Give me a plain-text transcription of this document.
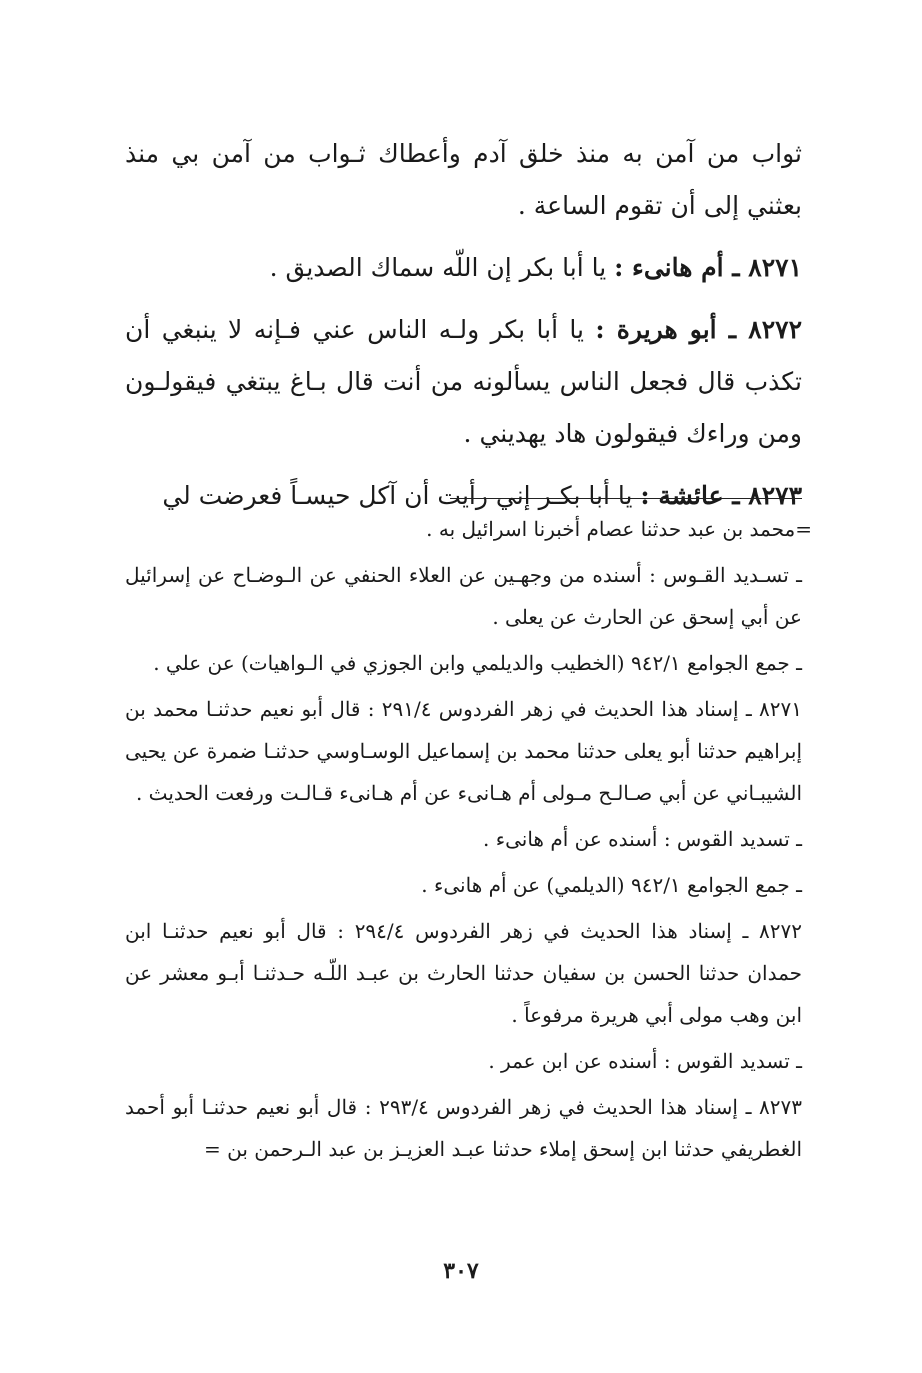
ثواب من آمن به منذ خلق آدم وأعطاك ثـواب من آمن بي منذ بعثني إلى أن تقوم الساعة .

٨٢٧١ ـ أم هانىء : يا أبا بكر إن اللّه سماك الصديق .

٨٢٧٢ ـ أبو هريرة : يا أبا بكر ولـه الناس عني فـإنه لا ينبغي أن تكذب قال فجعل الناس يسألونه من أنت قال بـاغ يبتغي فيقولـون ومن وراءك فيقولون هاد يهديني .

٨٢٧٣ ـ عائشة : يا أبا بكـر إني رأيت أن آكل حيسـاً فعرضت لي

=محمد بن عبد حدثنا عصام أخبرنا اسرائيل به .

ـ تسـديد القـوس : أسنده من وجهـين عن العلاء الحنفي عن الـوضـاح عن إسرائيل عن أبي إسحق عن الحارث عن يعلى .

ـ جمع الجوامع ٩٤٢/١ (الخطيب والديلمي وابن الجوزي في الـواهيات) عن علي .

٨٢٧١ ـ إسناد هذا الحديث في زهر الفردوس ٢٩١/٤ : قال أبو نعيم حدثنـا محمد بن إبراهيم حدثنا أبو يعلى حدثنا محمد بن إسماعيل الوسـاوسي حدثنـا ضمرة عن يحيى الشيبـاني عن أبي صـالـح مـولى أم هـانىء عن أم هـانىء قـالـت ورفعت الحديث .

ـ تسديد القوس : أسنده عن أم هانىء .

ـ جمع الجوامع ٩٤٢/١ (الديلمي) عن أم هانىء .

٨٢٧٢ ـ إسناد هذا الحديث في زهر الفردوس ٢٩٤/٤ : قال أبو نعيم حدثنـا ابن حمدان حدثنا الحسن بن سفيان حدثنا الحارث بن عبـد اللّـه حـدثنـا أبـو معشر عن ابن وهب مولى أبي هريرة مرفوعاً .

ـ تسديد القوس : أسنده عن ابن عمر .

٨٢٧٣ ـ إسناد هذا الحديث في زهر الفردوس ٢٩٣/٤ : قال أبو نعيم حدثنـا أبو أحمد الغطريفي حدثنا ابن إسحق إملاء حدثنا عبـد العزيـز بن عبد الـرحمن بن =

٣٠٧
